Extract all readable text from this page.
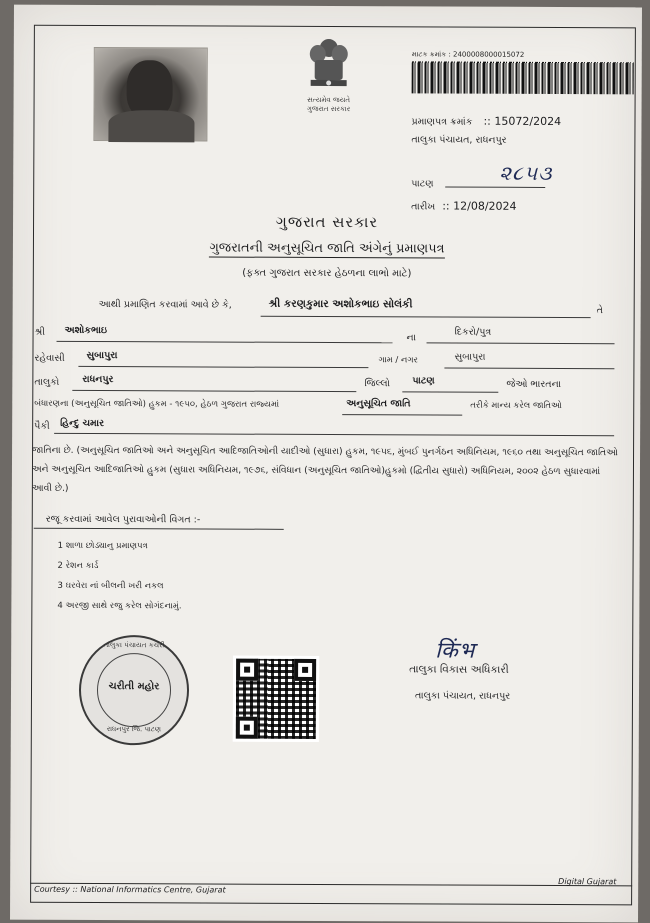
સત્યમેવ જયતે
ગુજરાત સરકાર
માટક ક્રમાંક : 2400008000015072
પ્રમાણપત્ર ક્રમાંક :: 15072/2024
તાલુકા પંચાયત, રાધનપુર
પાટણ	૨૮૫૩
તારીખ :: 12/08/2024
ગુજરાત સરકાર
ગુજરાતની અનુસૂચિત જાતિ અંગેનું પ્રમાણપત્ર
(ફક્ત ગુજરાત સરકાર હેઠળના લાભો માટે)
આથી પ્રમાણિત કરવામાં આવે છે કે,	શ્રી કરણકુમાર અશોકભાઇ સોલંકી
તે
શ્રી અશોકભાઇ
ના
દિકરો/પુત્ર
રહેવાસી સુબાપુરા	ગામ / નગર	સુબાપુરા
તાલુકો રાધનપુર	જિલ્લો પાટણ	જેઓ ભારતના
બંધારણના (અનુસૂચિત જાતિઓ) હુકમ - ૧૯૫૦, હેઠળ ગુજરાત રાજ્યમાં	અનુસૂચિત જાતિ	તરીકે માન્ય કરેલ જાતિઓ
પૈકી હિન્દુ ચમાર
જાતિના છે. (અનુસૂચિત જાતિઓ અને અનુસૂચિત આદિજાતિઓની યાદીઓ (સુધારા) હુકમ, ૧૯૫૬, મુંબઈ પુનર્ગઠન અધિનિયમ, ૧૯૬૦ તથા અનુસૂચિત જાતિઓ અને અનુસૂચિત આદિજાતિઓ હુકમ (સુધારા અધિનિયમ, ૧૯૭૬, સંવિધાન (અનુસૂચિત જાતિઓ)હુકમો (દ્વિતીય સુધારો) અધિનિયમ, ૨૦૦૨ હેઠળ સુધારવામાં આવી છે.)
રજૂ કરવામાં આવેલ પુરાવાઓની વિગત :-
1 શાળા છોડ્યાનુ પ્રમાણપત્ર
2 રેશન કાર્ડ
3 ઘરવેરા નાં બીલની ખરી નકલ
4 અરજી સાથે રજુ કરેલ સોગંદનામું.
તાલુકા પંચાયત કચેરી
ચરીતી મહોર
રાધનપુર જિ. પાટણ
किंभ
તાલુકા વિકાસ અધિકારી
તાલુકા પંચાયત, રાધનપુર
Courtesy :: National Informatics Centre, Gujarat
Digital Gujarat
